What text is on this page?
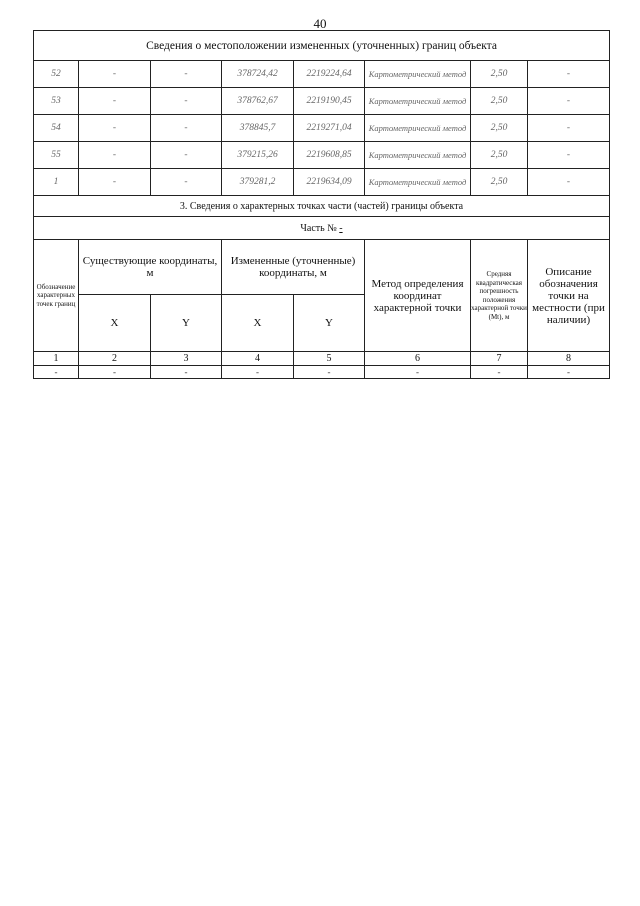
40
Сведения о местоположении измененных (уточненных) границ объекта							
52	-	-	378724,42	2219224,64	Картометрический метод	2,50	-
53	-	-	378762,67	2219190,45	Картометрический метод	2,50	-
54	-	-	378845,7	2219271,04	Картометрический метод	2,50	-
55	-	-	379215,26	2219608,85	Картометрический метод	2,50	-
1	-	-	379281,2	2219634,09	Картометрический метод	2,50	-
3. Сведения о характерных точках части (частей) границы объекта							
Часть № -							
Обозначение характерных точек границ	Существующие координаты, м		Измененные (уточненные) координаты, м		Метод определения координат характерной точки	Средняя квадратическая погрешность положения характерной точки (Mt), м	Описание обозначения точки на местности (при наличии)
	X	Y	X	Y			
1	2	3	4	5	6	7	8
-	-	-	-	-	-	-	-
